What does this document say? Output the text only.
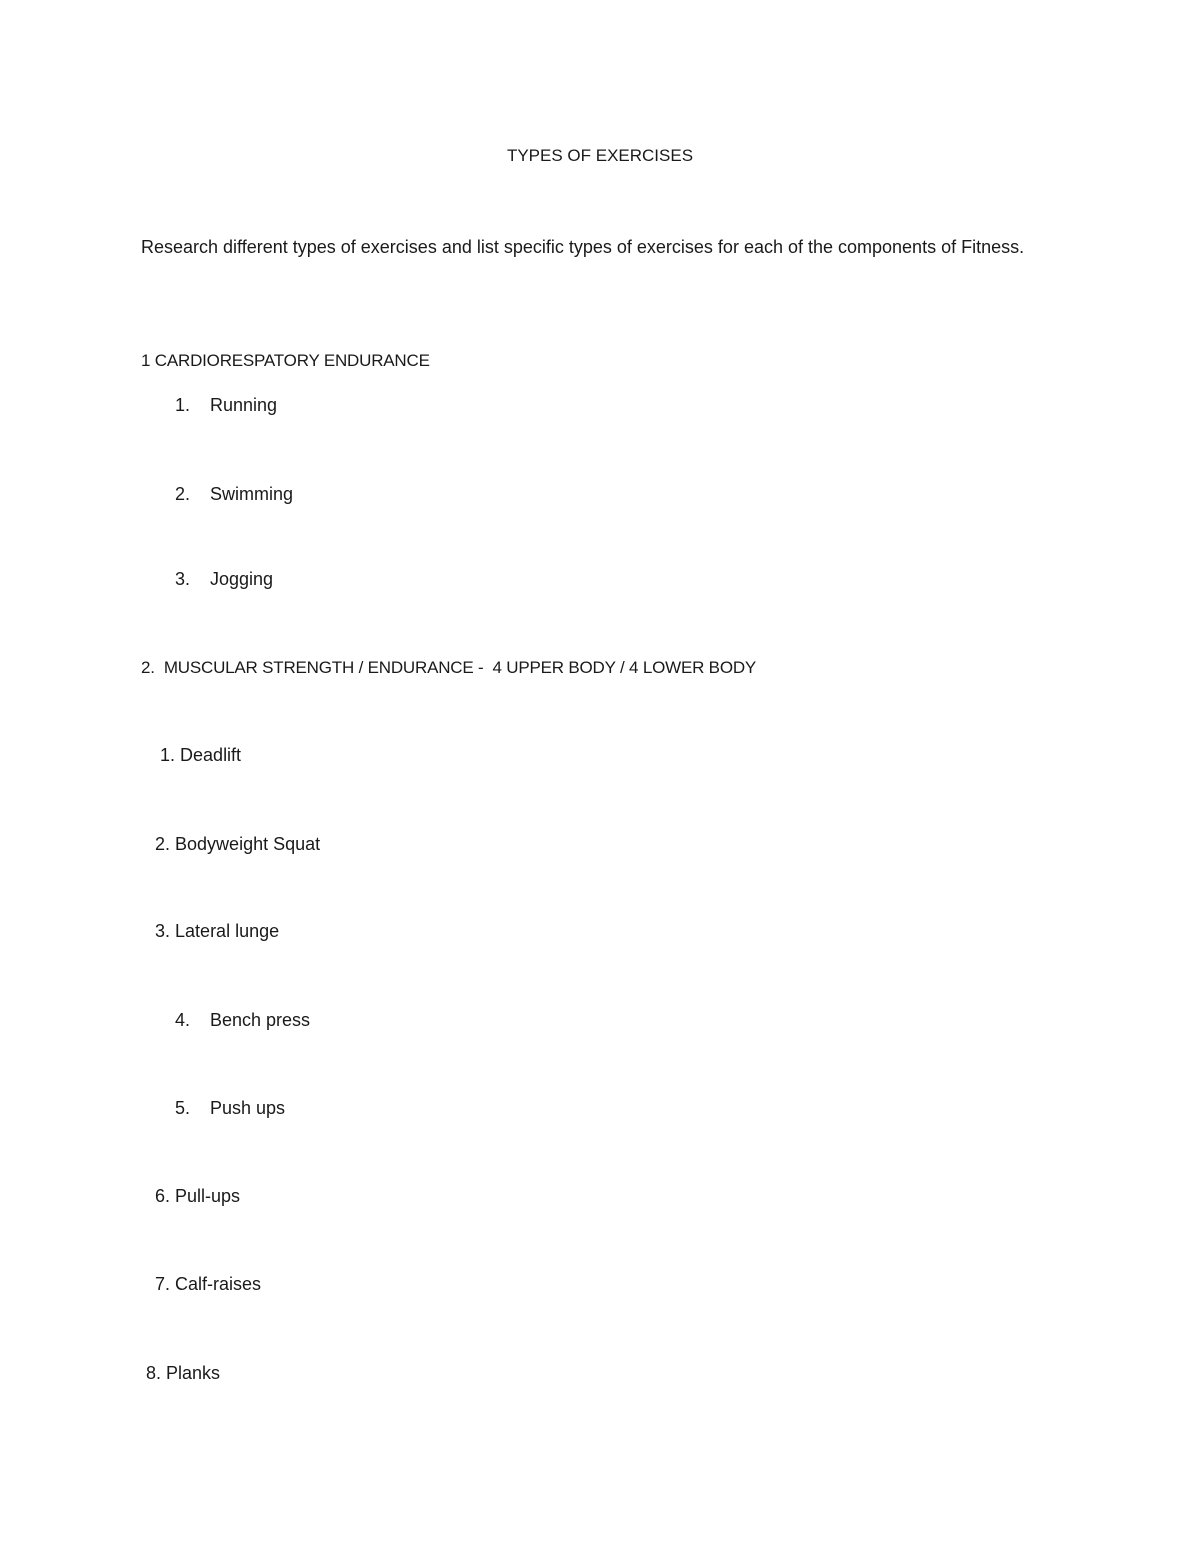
TYPES OF EXERCISES
Research different types of exercises and list specific types of exercises for each of the components of Fitness.
1 CARDIORESPATORY ENDURANCE
1. Running
2. Swimming
3. Jogging
2.  MUSCULAR STRENGTH / ENDURANCE -  4 UPPER BODY / 4 LOWER BODY
1. Deadlift
2. Bodyweight Squat
3. Lateral lunge
4. Bench press
5. Push ups
6. Pull-ups
7. Calf-raises
8. Planks
